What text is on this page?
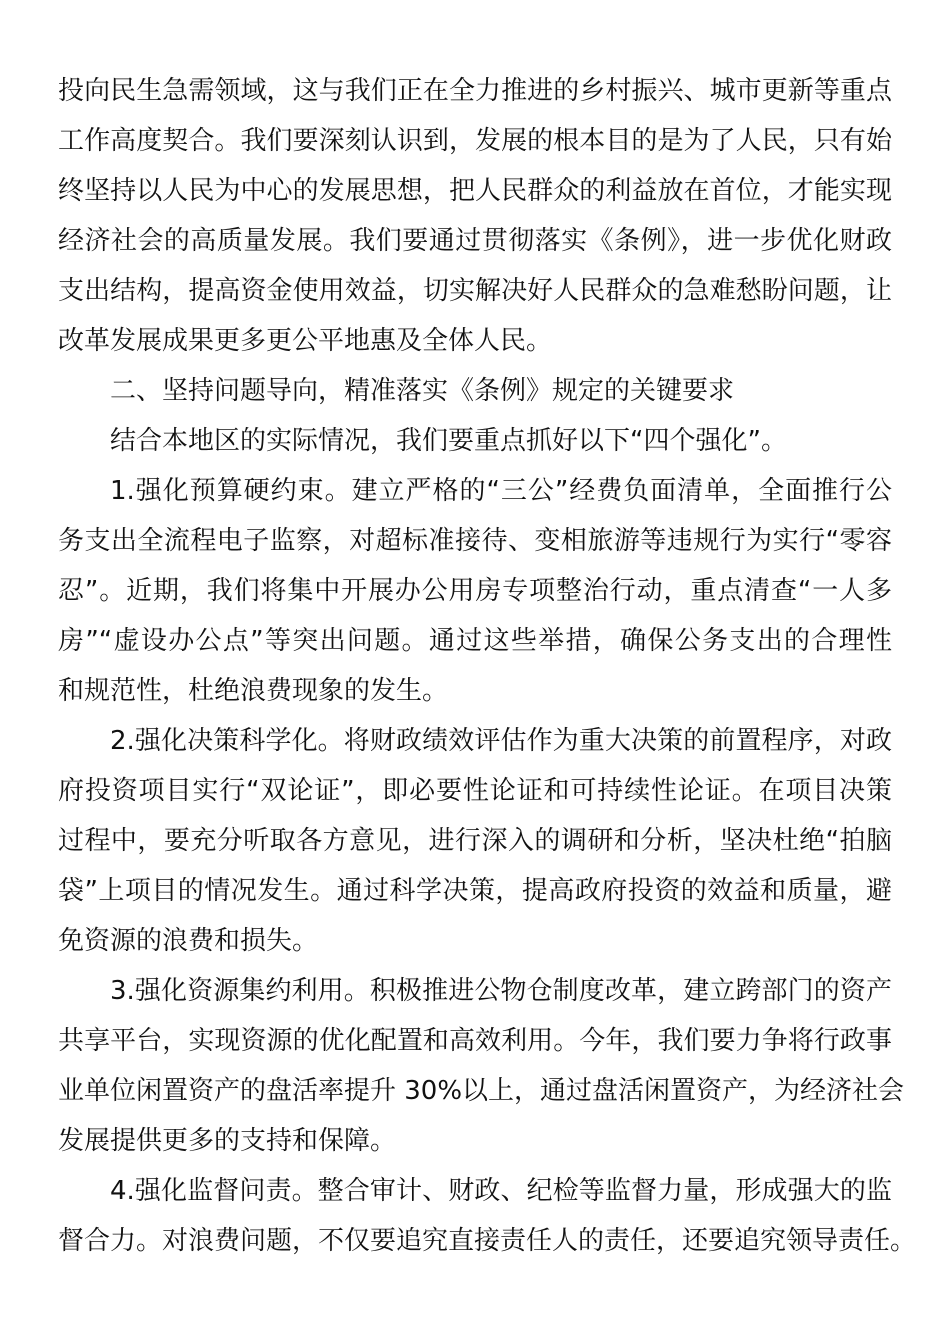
投向民生急需领域，这与我们正在全力推进的乡村振兴、城市更新等重点
工作高度契合。我们要深刻认识到，发展的根本目的是为了人民，只有始
终坚持以人民为中心的发展思想，把人民群众的利益放在首位，才能实现
经济社会的高质量发展。我们要通过贯彻落实《条例》，进一步优化财政
支出结构，提高资金使用效益，切实解决好人民群众的急难愁盼问题，让
改革发展成果更多更公平地惠及全体人民。
二、坚持问题导向，精准落实《条例》规定的关键要求
结合本地区的实际情况，我们要重点抓好以下“四个强化”。
1.强化预算硬约束。建立严格的“三公”经费负面清单，全面推行公
务支出全流程电子监察，对超标准接待、变相旅游等违规行为实行“零容
忍”。近期，我们将集中开展办公用房专项整治行动，重点清查“一人多
房”“虚设办公点”等突出问题。通过这些举措，确保公务支出的合理性
和规范性，杜绝浪费现象的发生。
2.强化决策科学化。将财政绩效评估作为重大决策的前置程序，对政
府投资项目实行“双论证”，即必要性论证和可持续性论证。在项目决策
过程中，要充分听取各方意见，进行深入的调研和分析，坚决杜绝“拍脑
袋”上项目的情况发生。通过科学决策，提高政府投资的效益和质量，避
免资源的浪费和损失。
3.强化资源集约利用。积极推进公物仓制度改革，建立跨部门的资产
共享平台，实现资源的优化配置和高效利用。今年，我们要力争将行政事
业单位闲置资产的盘活率提升 30%以上，通过盘活闲置资产，为经济社会
发展提供更多的支持和保障。
4.强化监督问责。整合审计、财政、纪检等监督力量，形成强大的监
督合力。对浪费问题，不仅要追究直接责任人的责任，还要追究领导责任。
